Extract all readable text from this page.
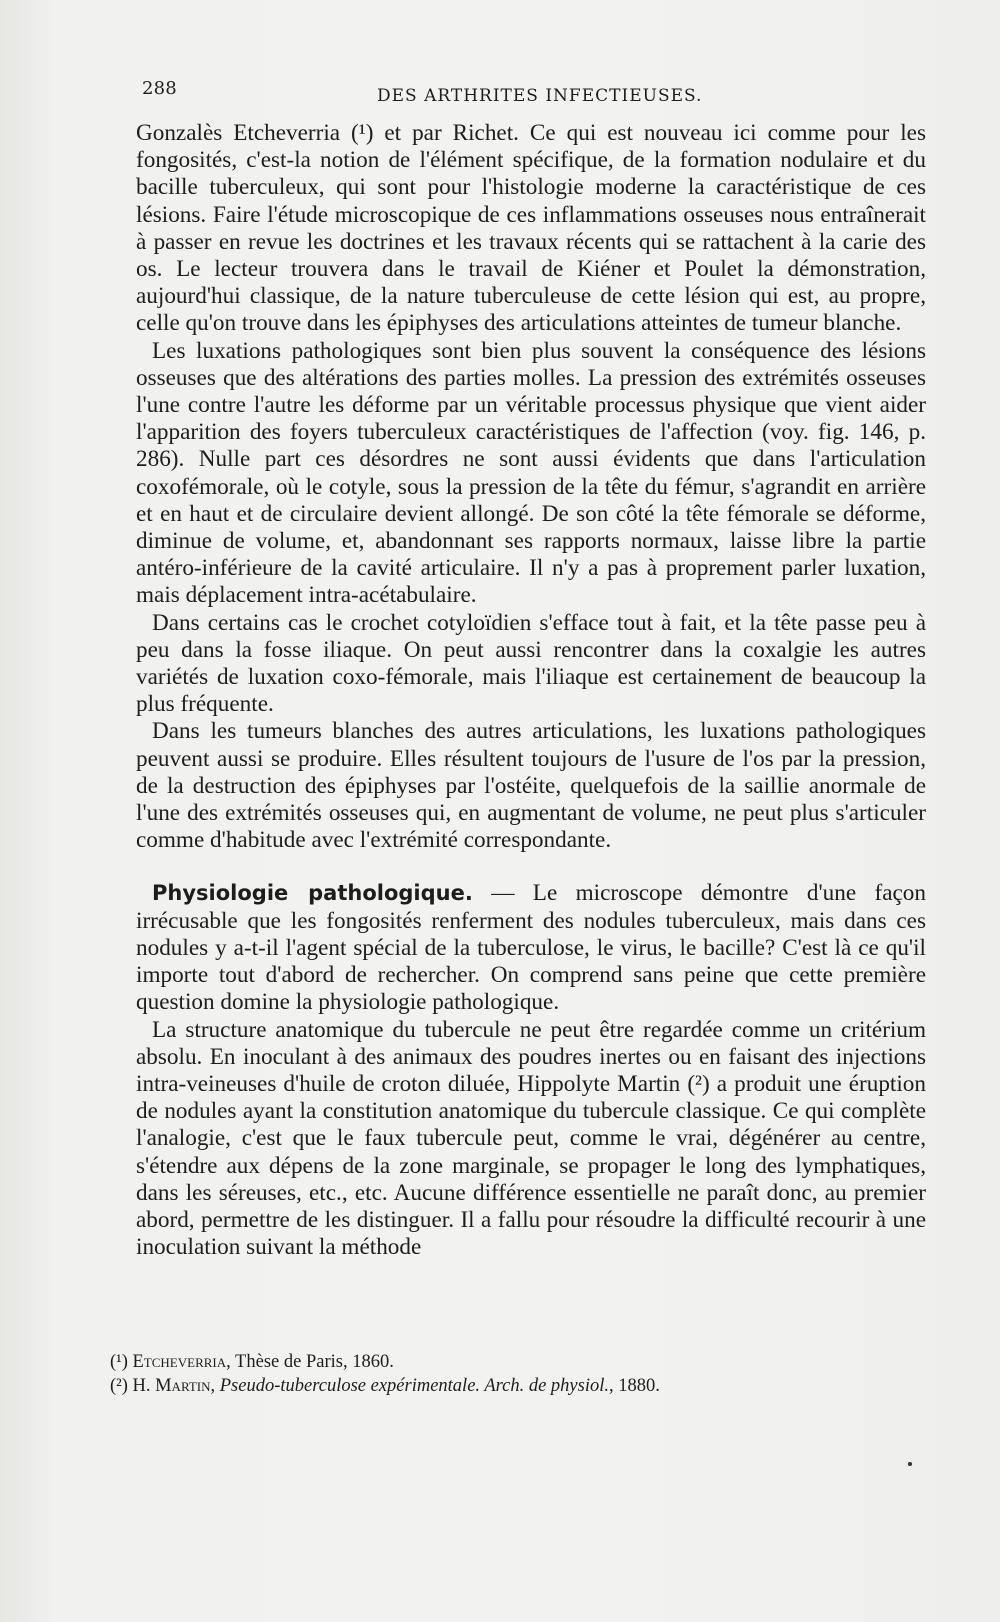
288	DES ARTHRITES INFECTIEUSES.

Gonzalès Etcheverria (¹) et par Richet. Ce qui est nouveau ici comme pour les fongosités, c'est-la notion de l'élément spécifique, de la formation nodulaire et du bacille tuberculeux, qui sont pour l'histologie moderne la caractéristique de ces lésions. Faire l'étude microscopique de ces inflammations osseuses nous entraînerait à passer en revue les doctrines et les travaux récents qui se rattachent à la carie des os. Le lecteur trouvera dans le travail de Kiéner et Poulet la démonstration, aujourd'hui classique, de la nature tuberculeuse de cette lésion qui est, au propre, celle qu'on trouve dans les épiphyses des articulations atteintes de tumeur blanche.

Les luxations pathologiques sont bien plus souvent la conséquence des lésions osseuses que des altérations des parties molles. La pression des extrémités osseuses l'une contre l'autre les déforme par un véritable processus physique que vient aider l'apparition des foyers tuberculeux caractéristiques de l'affection (voy. fig. 146, p. 286). Nulle part ces désordres ne sont aussi évidents que dans l'articulation coxofémorale, où le cotyle, sous la pression de la tête du fémur, s'agrandit en arrière et en haut et de circulaire devient allongé. De son côté la tête fémorale se déforme, diminue de volume, et, abandonnant ses rapports normaux, laisse libre la partie antéro-inférieure de la cavité articulaire. Il n'y a pas à proprement parler luxation, mais déplacement intra-acétabulaire.

Dans certains cas le crochet cotyloïdien s'efface tout à fait, et la tête passe peu à peu dans la fosse iliaque. On peut aussi rencontrer dans la coxalgie les autres variétés de luxation coxo-fémorale, mais l'iliaque est certainement de beaucoup la plus fréquente.

Dans les tumeurs blanches des autres articulations, les luxations pathologiques peuvent aussi se produire. Elles résultent toujours de l'usure de l'os par la pression, de la destruction des épiphyses par l'ostéite, quelquefois de la saillie anormale de l'une des extrémités osseuses qui, en augmentant de volume, ne peut plus s'articuler comme d'habitude avec l'extrémité correspondante.

Physiologie pathologique. — Le microscope démontre d'une façon irrécusable que les fongosités renferment des nodules tuberculeux, mais dans ces nodules y a-t-il l'agent spécial de la tuberculose, le virus, le bacille? C'est là ce qu'il importe tout d'abord de rechercher. On comprend sans peine que cette première question domine la physiologie pathologique.

La structure anatomique du tubercule ne peut être regardée comme un critérium absolu. En inoculant à des animaux des poudres inertes ou en faisant des injections intra-veineuses d'huile de croton diluée, Hippolyte Martin (²) a produit une éruption de nodules ayant la constitution anatomique du tubercule classique. Ce qui complète l'analogie, c'est que le faux tubercule peut, comme le vrai, dégénérer au centre, s'étendre aux dépens de la zone marginale, se propager le long des lymphatiques, dans les séreuses, etc., etc. Aucune différence essentielle ne paraît donc, au premier abord, permettre de les distinguer. Il a fallu pour résoudre la difficulté recourir à une inoculation suivant la méthode

(¹) Etcheverria, Thèse de Paris, 1860.

(²) H. Martin, Pseudo-tuberculose expérimentale. Arch. de physiol., 1880.
